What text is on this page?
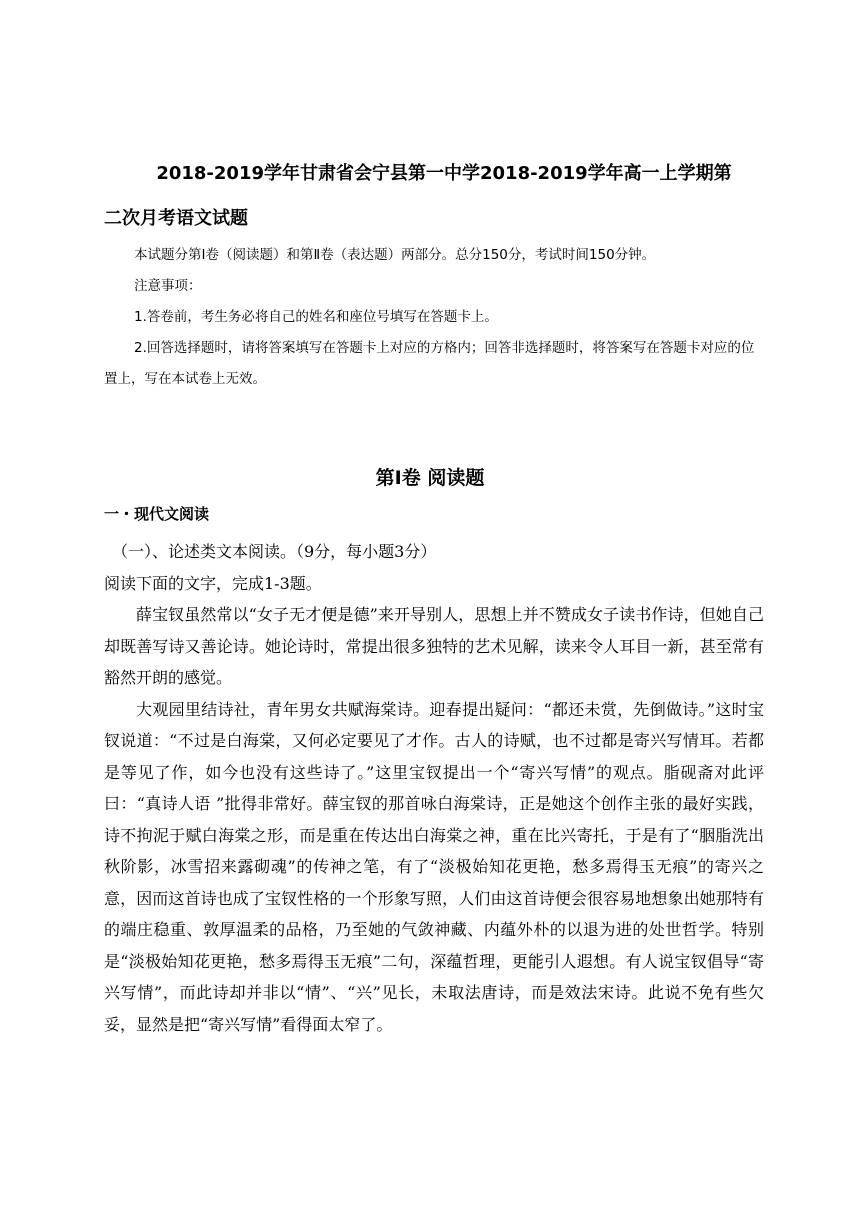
2018-2019学年甘肃省会宁县第一中学2018-2019学年高一上学期第
二次月考语文试题

本试题分第Ⅰ卷（阅读题）和第Ⅱ卷（表达题）两部分。总分150分，考试时间150分钟。

注意事项：

1.答卷前，考生务必将自己的姓名和座位号填写在答题卡上。

2.回答选择题时，请将答案填写在答题卡上对应的方格内；回答非选择题时，将答案写在答题卡对应的位置上，写在本试卷上无效。

第Ⅰ卷 阅读题
一・现代文阅读

（一）、论述类文本阅读。（9分，每小题3分）

阅读下面的文字，完成1-3题。

薛宝钗虽然常以“女子无才便是德”来开导别人，思想上并不赞成女子读书作诗，但她自己却既善写诗又善论诗。她论诗时，常提出很多独特的艺术见解，读来令人耳目一新，甚至常有豁然开朗的感觉。

大观园里结诗社，青年男女共赋海棠诗。迎春提出疑问：“都还未赏，先倒做诗。”这时宝钗说道：“不过是白海棠，又何必定要见了才作。古人的诗赋，也不过都是寄兴写情耳。若都是等见了作，如今也没有这些诗了。”这里宝钗提出一个“寄兴写情”的观点。脂砚斋对此评曰：“真诗人语 ”批得非常好。薛宝钗的那首咏白海棠诗，正是她这个创作主张的最好实践，诗不拘泥于赋白海棠之形，而是重在传达出白海棠之神，重在比兴寄托，于是有了“胭脂洗出秋阶影，冰雪招来露砌魂”的传神之笔，有了“淡极始知花更艳，愁多焉得玉无痕”的寄兴之意，因而这首诗也成了宝钗性格的一个形象写照，人们由这首诗便会很容易地想象出她那特有的端庄稳重、敦厚温柔的品格，乃至她的气敛神藏、内蕴外朴的以退为进的处世哲学。特别是“淡极始知花更艳，愁多焉得玉无痕”二句，深蕴哲理，更能引人遐想。有人说宝钗倡导“寄兴写情”，而此诗却并非以“情”、“兴”见长，未取法唐诗，而是效法宋诗。此说不免有些欠妥，显然是把“寄兴写情”看得面太窄了。
